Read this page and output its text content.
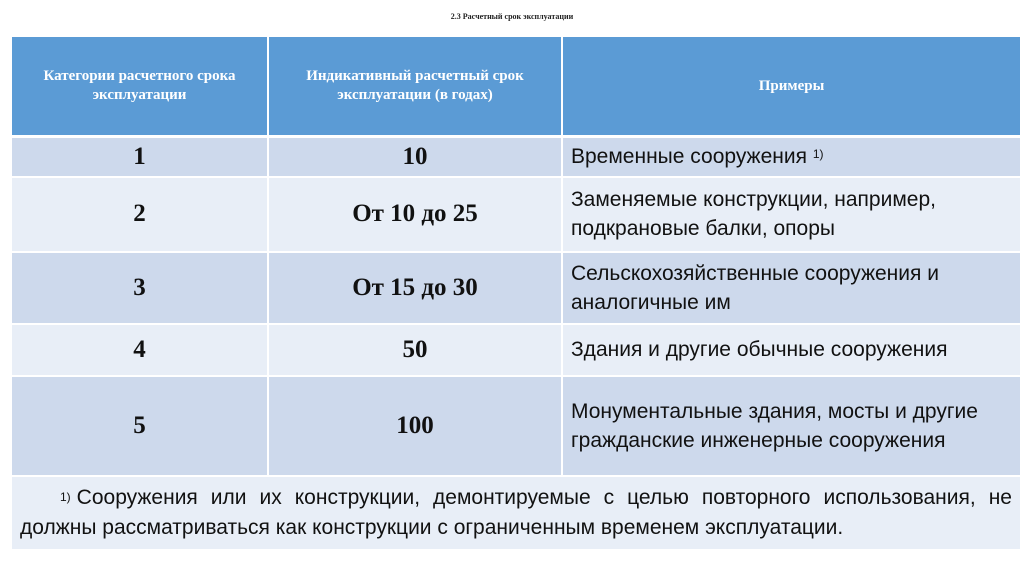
2.3 Расчетный срок эксплуатации
Категории расчетного срока эксплуатации	Индикативный расчетный срок эксплуатации (в годах)	Примеры
1	10	Временные сооружения $^{1)}$
2	От 10 до 25	Заменяемые конструкции, например, подкрановые балки, опоры
3	От 15 до 30	Сельскохозяйственные сооружения и аналогичные им
4	50	Здания и другие обычные сооружения
5	100	Монументальные здания, мосты и другие гражданские инженерные сооружения

$^{1)}$ Сооружения или их конструкции, демонтируемые с целью повторного использования, не должны рассматриваться как конструкции с ограниченным временем эксплуатации.		
